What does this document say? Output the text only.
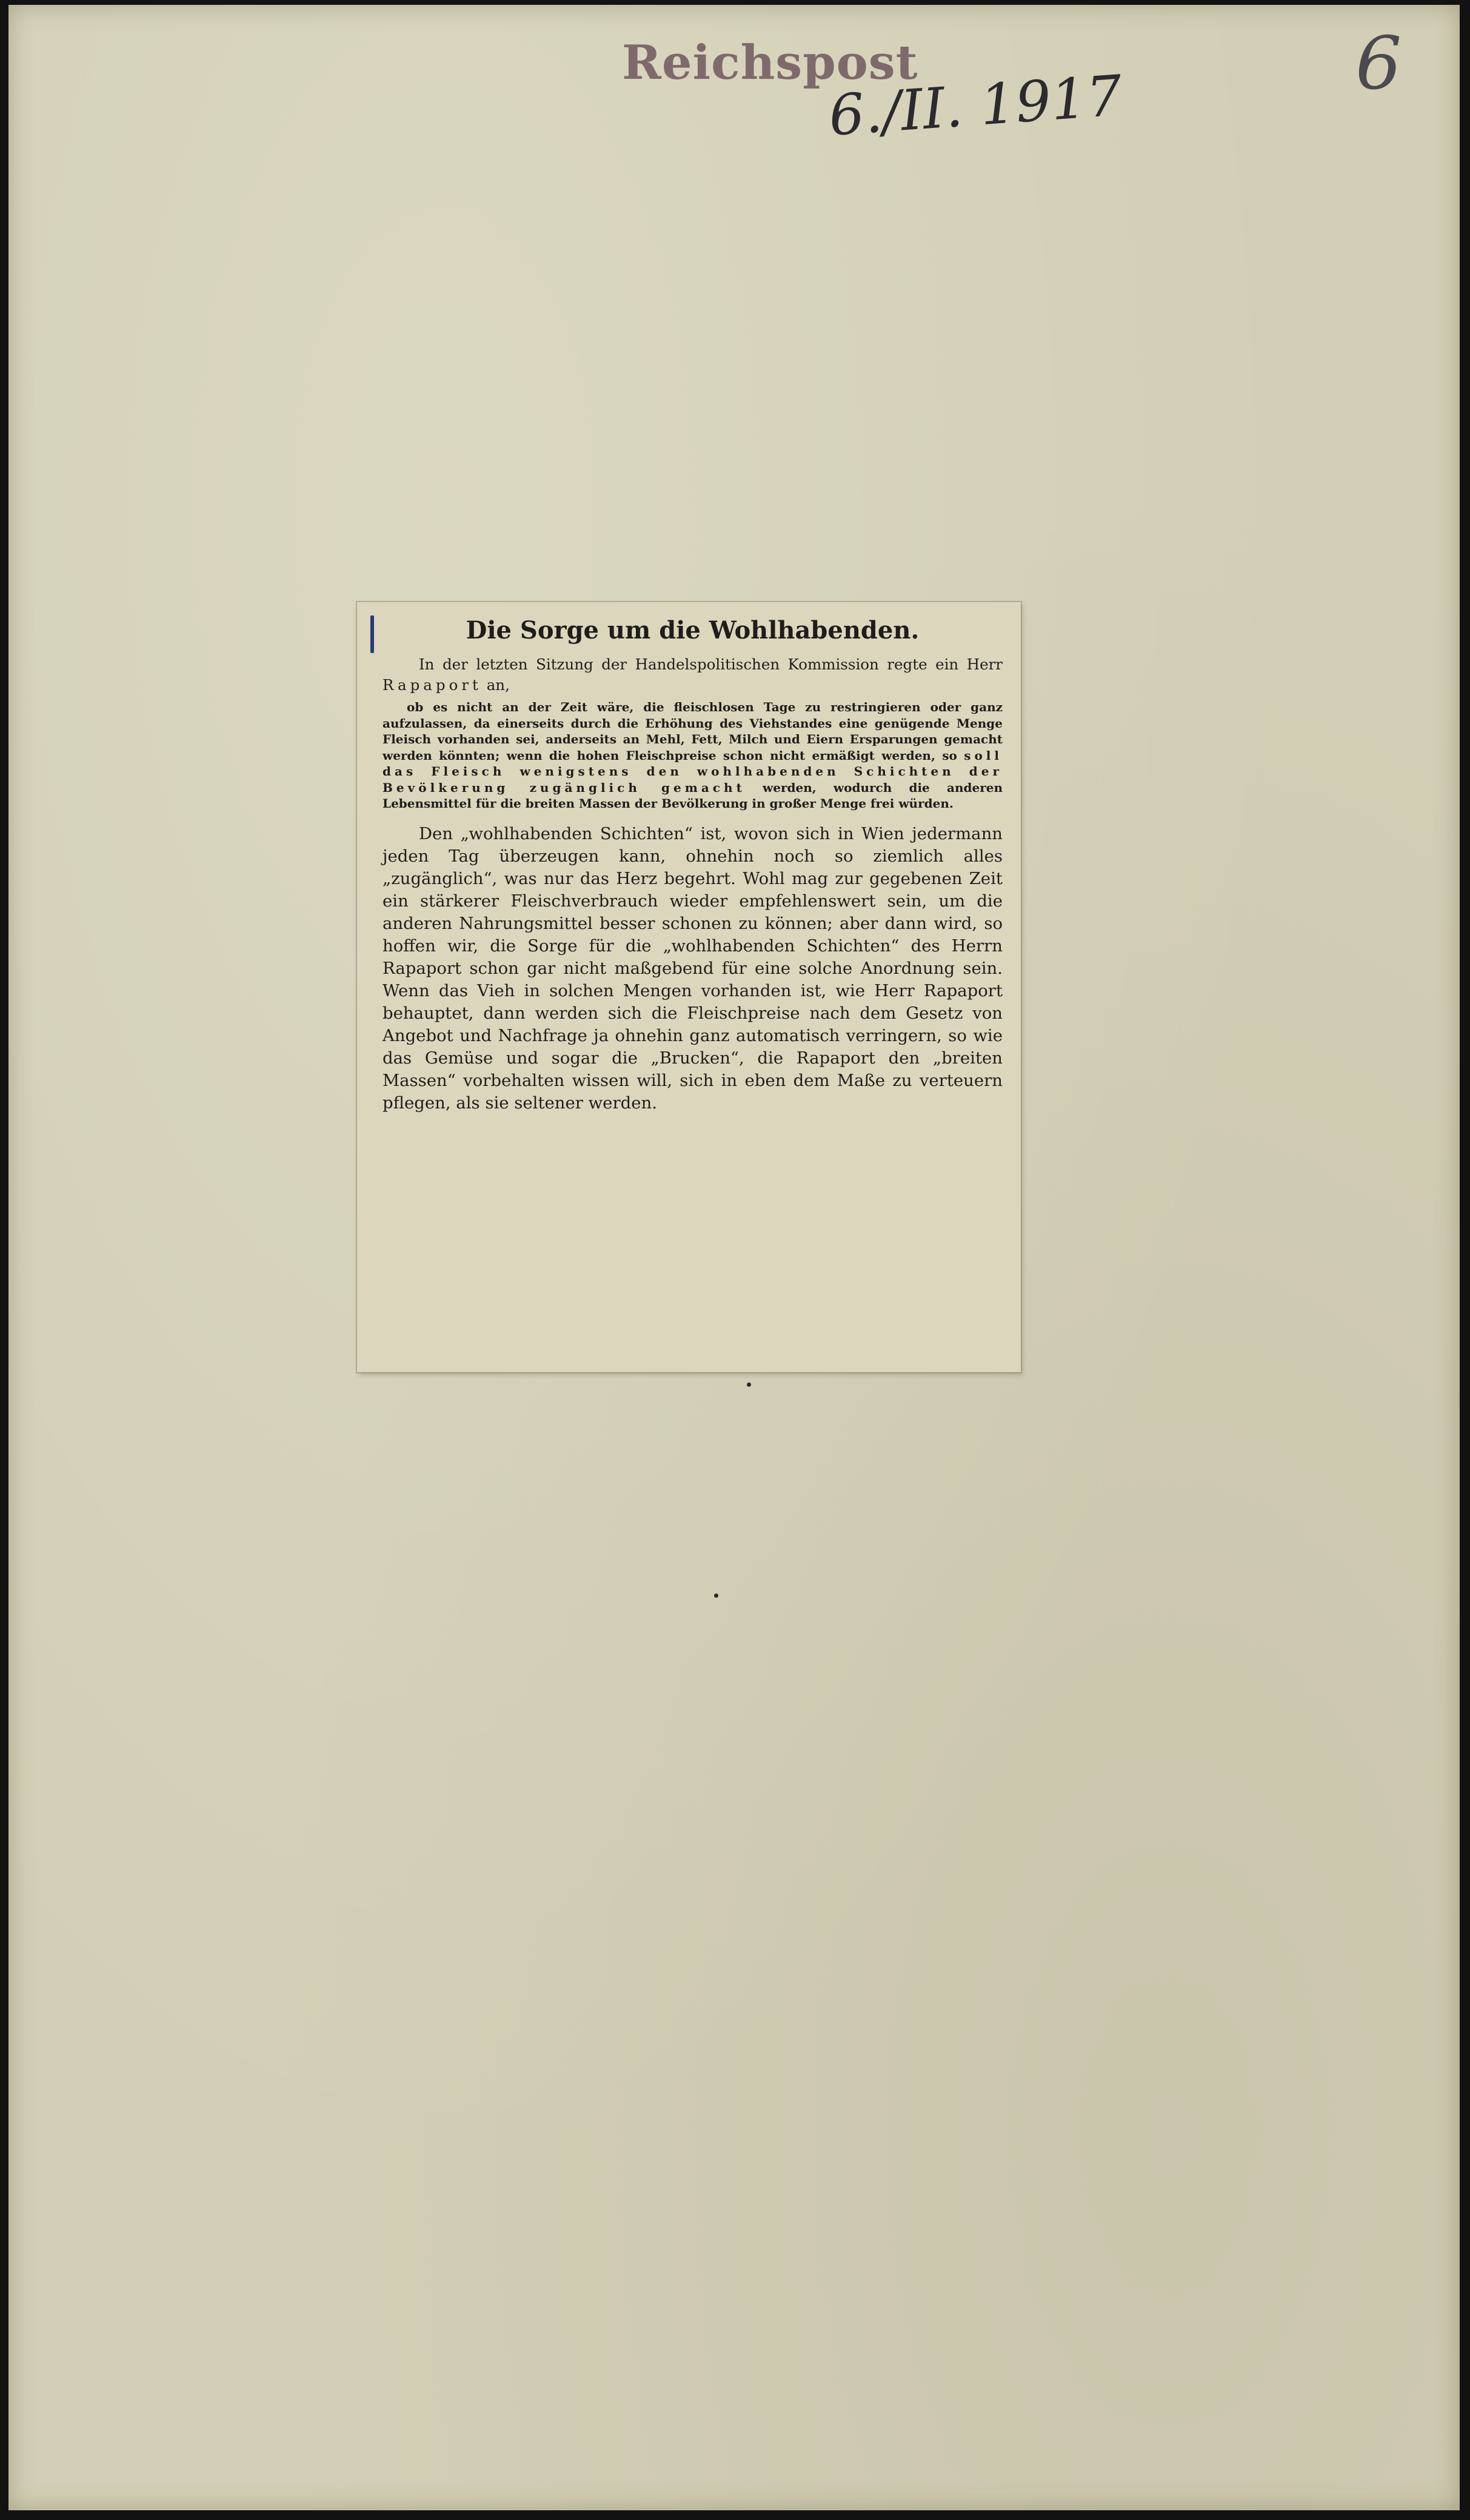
Reichspost
6./II. 1917	6
Die Sorge um die Wohlhabenden.

In der letzten Sitzung der Handelspolitischen Kommission regte ein Herr Rapaport an,

ob es nicht an der Zeit wäre, die fleischlosen Tage zu restringieren oder ganz aufzulassen, da einerseits durch die Erhöhung des Viehstandes eine genügende Menge Fleisch vorhanden sei, anderseits an Mehl, Fett, Milch und Eiern Ersparungen gemacht werden könnten; wenn die hohen Fleischpreise schon nicht ermäßigt werden, so soll das Fleisch wenigstens den wohlhabenden Schichten der Bevölkerung zugänglich gemacht werden, wodurch die anderen Lebensmittel für die breiten Massen der Bevölkerung in großer Menge frei würden.

Den „wohlhabenden Schichten“ ist, wovon sich in Wien jedermann jeden Tag überzeugen kann, ohnehin noch so ziemlich alles „zugänglich“, was nur das Herz begehrt. Wohl mag zur gegebenen Zeit ein stärkerer Fleischverbrauch wieder empfehlenswert sein, um die anderen Nahrungsmittel besser schonen zu können; aber dann wird, so hoffen wir, die Sorge für die „wohlhabenden Schichten“ des Herrn Rapaport schon gar nicht maßgebend für eine solche Anordnung sein. Wenn das Vieh in solchen Mengen vorhanden ist, wie Herr Rapaport behauptet, dann werden sich die Fleischpreise nach dem Gesetz von Angebot und Nachfrage ja ohnehin ganz automatisch verringern, so wie das Gemüse und sogar die „Brucken“, die Rapaport den „breiten Massen“ vorbehalten wissen will, sich in eben dem Maße zu verteuern pflegen, als sie seltener werden.
